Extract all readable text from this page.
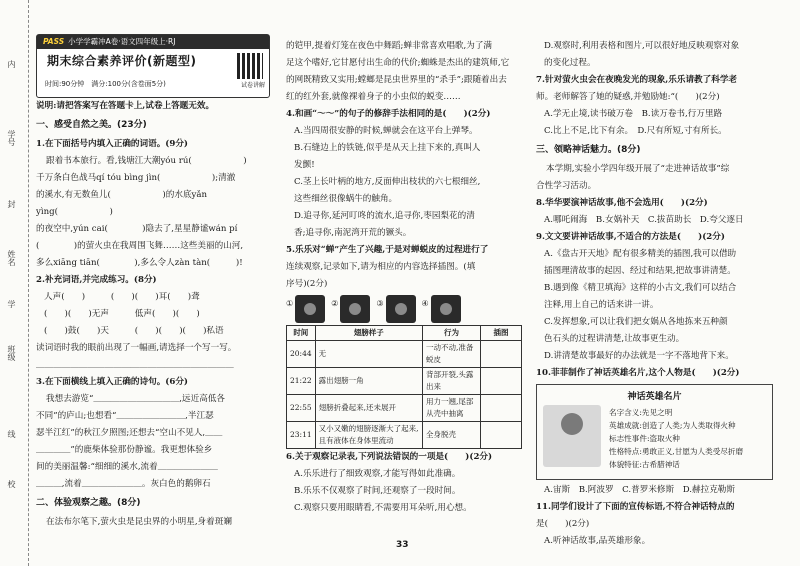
学号
姓名
班级
内
封
线
学
校
PASS 小学学霸冲A卷·语文四年级上·RJ
期末综合素养评价(新题型)
时间:90分钟　满分:100分(含卷面5分)	试卷讲解

说明:请把答案写在答题卡上,试卷上答题无效。

一、感受自然之美。(23分)

1.在下面括号内填入正确的词语。(9分)

跟着书本旅行。看,钱塘江大潮yóu rú(　　　　　　)

千万条白色战马qí tóu bìng jìn(　　　　　　);清澈

的溪水,有无数鱼儿(　　　　　　)的水底yǎn yìng(　　　　　　)

的夜空中,yún cai(　　　　)隐去了,星星静谧wán pí

(　　　　)的萤火虫在我周围飞舞……这些美丽的山河,

多么xiāng tiān(　　　　),多么令人zàn tàn(　　　)!

2.补充词语,并完成练习。(8分)

人声(　　)　　　(　　)(　　)耳(　　)聋

(　　)(　　)无声　　　低声(　　)(　　)

(　　)鼓(　　)天　　　(　　)(　　)(　　)私语

读词语时我的眼前出现了一幅画,请选择一个写一写。

＿＿＿＿＿＿＿＿＿＿＿＿＿＿＿＿＿＿＿＿＿＿＿

3.在下面横线上填入正确的诗句。(6分)

我想去游览“＿＿＿＿＿＿＿＿＿＿,远近高低各

不同”的庐山;也想看“＿＿＿＿＿＿＿＿,半江瑟

瑟半江红”的秋江夕照图;还想去“空山不见人,＿＿

＿＿＿＿”的鹿柴体验那份静谧。我更想体验乡

间的美丽温馨:“细细的溪水,流着＿＿＿＿＿＿＿

＿＿＿,流着＿＿＿＿＿＿＿。灰白色的鹅卵石

二、体验观察之趣。(8分)

在法布尔笔下,萤火虫是昆虫界的小明星,身着斑斓

的铠甲,提着灯笼在夜色中舞蹈;蝉非常喜欢唱歌,为了满

足这个嗜好,它甘愿付出生命的代价;蜘蛛是杰出的建筑师,它

的网既精致又实用;螳螂是昆虫世界里的“杀手”;跟随着出去

红的红外套,就像裸着身子的小虫似的蜕变……

4.和画“～～”的句子的修辞手法相同的是(　　)(2分)

A.当四周很安静的时候,蝉就会在这平台上弹琴。

B.石缝边上的铁链,似乎是从天上挂下来的,真叫人

发颤!

C.茎上长叶柄的地方,反面伸出枝状的六七根细丝,

这些细丝很像蜗牛的触角。

D.追寻你,延河叮咚的流水,追寻你,枣园梨花的清

香;追寻你,南泥湾开荒的镢头。

5.乐乐对“蝉”产生了兴趣,于是对蝉蜕皮的过程进行了

连续观察,记录如下,请为相应的内容选择插图。(填

序号)(2分)

①	②	③	④
时间	翅膀样子	行为	插图
20:44	无	一动不动,准备蜕皮	
21:22	露出翅膀一角	背部开裂,头露出来	
22:55	翅膀折叠起来,还未展开	用力一翘,尾部从壳中抽离	
23:11	又小又嫩的翅膀逐渐大了起来,且有液体在身体里流动	全身脱壳	

6.关于观察记录表,下列说法错误的一项是(　　)(2分)

A.乐乐进行了细致观察,才能写得如此准确。

B.乐乐不仅观察了时间,还观察了一段时间。

C.观察只要用眼睛看,不需要用耳朵听,用心想。

D.观察时,利用表格和图片,可以很好地反映观察对象

的变化过程。

7.针对萤火虫会在夜晚发光的现象,乐乐请教了科学老

师。老师解答了她的疑惑,并勉励她:“(　　)(2分)

A.学无止境,读书破万卷　B.读万卷书,行万里路

C.比上不足,比下有余。　D.尺有所短,寸有所长。

三、领略神话魅力。(8分)

本学期,实验小学四年级开展了“走进神话故事”综

合性学习活动。

8.华华要演神话故事,他不会选用(　　)(2分)

A.哪吒闹海　B.女娲补天　C.拔苗助长　D.夸父逐日

9.文文要讲神话故事,不适合的方法是(　　)(2分)

A.《盘古开天地》配有很多精美的插图,我可以借助

插图理清故事的起因、经过和结果,把故事讲清楚。

B.遇到像《精卫填海》这样的小古文,我们可以结合

注释,用上自己的话来讲一讲。

C.发挥想象,可以让我们把女娲从各地拣来五种颜

色石头的过程讲清楚,让故事更生动。

D.讲清楚故事最好的办法就是一字不落地背下来。

10.菲菲制作了神话英雄名片,这个人物是(　　)(2分)

神话英雄名片
名字含义:先见之明
英雄成就:创造了人类;为人类取得火种
标志性事件:盗取火种
性格特点:勇敢正义,甘愿为人类受尽折磨
体貌特征:古希腊神话

A.宙斯　B.阿波罗　C.普罗米修斯　D.赫拉克勒斯

11.同学们设计了下面的宣传标语,不符合神话特点的

是(　　)(2分)

A.听神话故事,品英雄形象。

33
